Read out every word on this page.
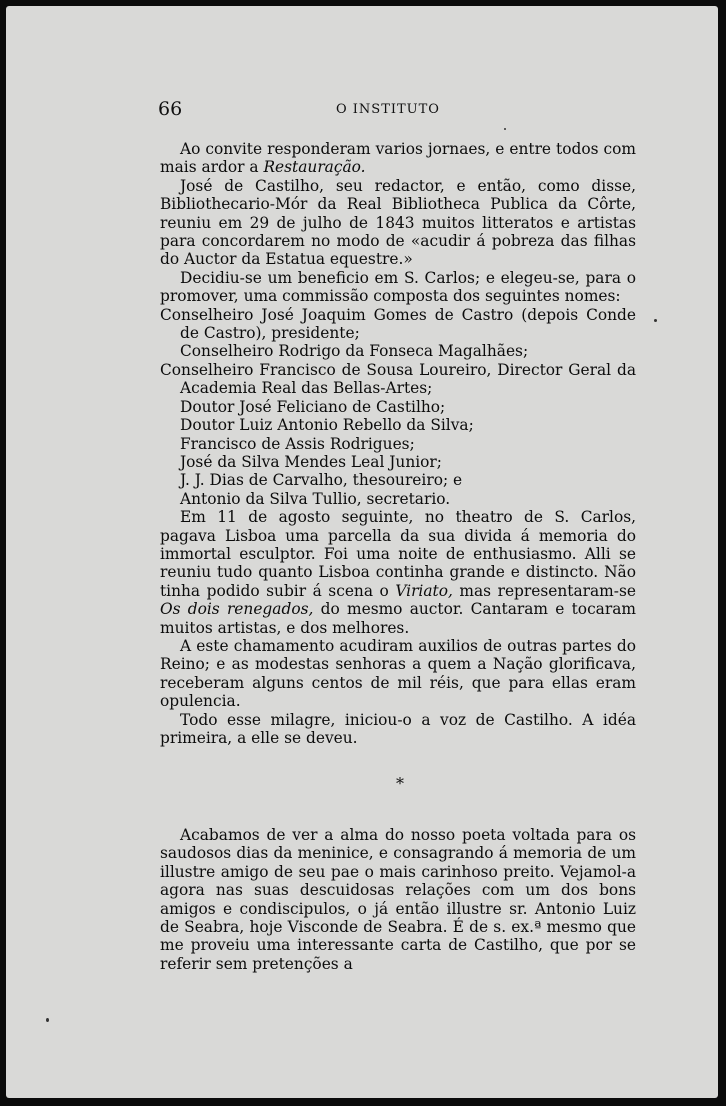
66	O INSTITUTO

Ao convite responderam varios jornaes, e entre todos com mais ardor a Restauração.

José de Castilho, seu redactor, e então, como disse, Bibliothecario-Mór da Real Bibliotheca Publica da Côrte, reuniu em 29 de julho de 1843 muitos litteratos e artistas para concordarem no modo de «acudir á pobreza das filhas do Auctor da Estatua equestre.»

Decidiu-se um beneficio em S. Carlos; e elegeu-se, para o promover, uma commissão composta dos seguintes nomes:

Conselheiro José Joaquim Gomes de Castro (depois Conde de Castro), presidente;

Conselheiro Rodrigo da Fonseca Magalhães;

Conselheiro Francisco de Sousa Loureiro, Director Geral da Academia Real das Bellas-Artes;

Doutor José Feliciano de Castilho;

Doutor Luiz Antonio Rebello da Silva;

Francisco de Assis Rodrigues;

José da Silva Mendes Leal Junior;

J. J. Dias de Carvalho, thesoureiro; e

Antonio da Silva Tullio, secretario.

Em 11 de agosto seguinte, no theatro de S. Carlos, pagava Lisboa uma parcella da sua divida á memoria do immortal esculptor. Foi uma noite de enthusiasmo. Alli se reuniu tudo quanto Lisboa continha grande e distincto. Não tinha podido subir á scena o Viriato, mas representaram-se Os dois renegados, do mesmo auctor. Cantaram e tocaram muitos artistas, e dos melhores.

A este chamamento acudiram auxilios de outras partes do Reino; e as modestas senhoras a quem a Nação glorificava, receberam alguns centos de mil réis, que para ellas eram opulencia.

Todo esse milagre, iniciou-o a voz de Castilho. A idéa primeira, a elle se deveu.

*

Acabamos de ver a alma do nosso poeta voltada para os saudosos dias da meninice, e consagrando á memoria de um illustre amigo de seu pae o mais carinhoso preito. Vejamol-a agora nas suas descuidosas relações com um dos bons amigos e condiscipulos, o já então illustre sr. Antonio Luiz de Seabra, hoje Visconde de Seabra. É de s. ex.ª mesmo que me proveiu uma interessante carta de Castilho, que por se referir sem pretenções a
